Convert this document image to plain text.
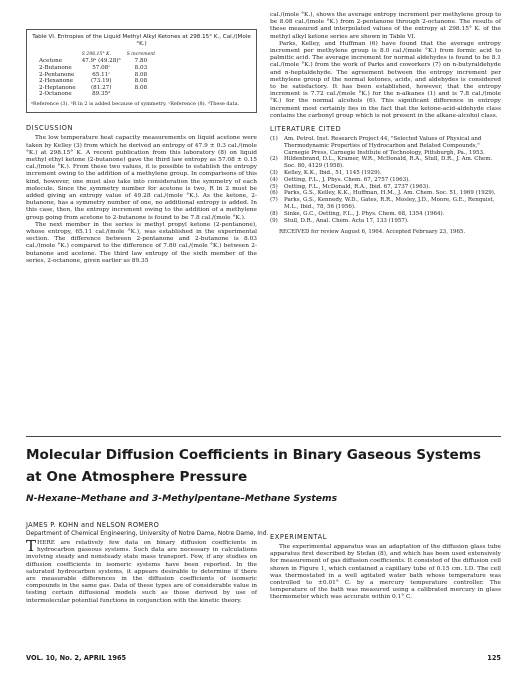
Table VI. Entropies of the Liquid Methyl Alkyl Ketones at 298.15° K., Cal./(Mole °K.)
	S 298.15° K.	S increment
Acetone	47.9ᵃ (49.28)ᵇ	7.80
2-Butanone	57.08ᶜ	8.03
2-Pentanone	65.11ᶜ	8.08
2-Hexanone	(73.19)	8.08
2-Heptanone	(81.27)	8.08
2-Octanone	89.35ᵈ	
ᵃReference (3). ᵇR ln 2 is added because of symmetry. ᶜReference (8). ᵈThese data.
DISCUSSION

The low temperature heat capacity measurements on liquid acetone were taken by Kelley (3) from which he derived an entropy of 47.9 ± 0.3 cal./(mole °K.) at 298.15° K. A recent publication from this laboratory (8) on liquid methyl ethyl ketone (2-butanone) gave the third law entropy as 57.08 ± 0.15 cal./(mole °K.). From these two values, it is possible to establish the entropy increment owing to the addition of a methylene group. In comparisons of this kind, however, one must also take into consideration the symmetry of each molecule. Since the symmetry number for acetone is two, R ln 2 must be added giving an entropy value of 49.28 cal./(mole °K.). As the ketone, 2-butanone, has a symmetry number of one, no additional entropy is added. In this case, then, the entropy increment owing to the addition of a methylene group going from acetone to 2-butanone is found to be 7.8 cal./(mole °K.).

The next member in the series is methyl propyl ketone (2-pentanone), whose entropy, 65.11 cal./(mole °K.), was established in the experimental section. The difference between 2-pentanone and 2-butanone is 8.03 cal./(mole °K.) compared to the difference of 7.80 cal./(mole °K.) between 2-butanone and acetone. The third law entropy of the sixth member of the series, 2-octanone, given earlier as 89.35

cal./(mole °K.), shows the average entropy increment per methylene group to be 8.08 cal./(mole °K.) from 2-pentanone through 2-octanone. The results of these measured and interpolated values of the entropy at 298.15° K. of the methyl alkyl ketone series are shown in Table VI.

Parks, Kelley, and Huffman (6) have found that the average entropy increment per methylene group is 8.0 cal./(mole °K.) from formic acid to palmitic acid. The average increment for normal aldehydes is found to be 8.1 cal./(mole °K.) from the work of Parks and coworkers (7) on n-butyraldehyde and n-heptaldehyde. The agreement between the entropy increment per methylene group of the normal ketones, acids, and aldehydes is considered to be satisfactory. It has been established, however, that the entropy increment is 7.72 cal./(mole °K.) for the n-alkanes (1) and is 7.8 cal./(mole °K.) for the normal alcohols (6). This significant difference in entropy increment most certainly lies in the fact that the ketone-acid-aldehyde class contains the carbonyl group which is not present in the alkane-alcohol class.

LITERATURE CITED
(1)	Am. Petrol. Inst. Research Project 44, "Selected Values of Physical and Thermodynamic Properties of Hydrocarbon and Related Compounds," Carnegie Press, Carnegie Institute of Technology, Pittsburgh, Pa., 1953.
(2)	Hildenbrand, D.L., Kramer, W.R., McDonald, R.A., Stull, D.R., J. Am. Chem. Soc. 80, 4129 (1958).
(3)	Kelley, K.K., Ibid., 51, 1145 (1929).
(4)	Oetting, F.L., J. Phys. Chem. 67, 2757 (1963).
(5)	Oetting, F.L., McDonald, R.A., Ibid. 67, 2737 (1963).
(6)	Parks, G.S., Kelley, K.K., Huffman, H.M., J. Am. Chem. Soc. 51, 1969 (1929).
(7)	Parks, G.S., Kennedy, W.D., Gates, R.R., Mosley, J.D., Moore, G.E., Renquist, M.L., Ibid., 78, 56 (1956).
(8)	Sinke, G.C., Oetting, F.L., J. Phys. Chem. 68, 1354 (1964).
(9)	Stull, D.R., Anal. Chem. Acta 17, 133 (1957).
RECEIVED for review August 6, 1964. Accepted February 23, 1965.

Molecular Diffusion Coefficients in Binary Gaseous Systems
at One Atmosphere Pressure

N-Hexane–Methane and 3-Methylpentane–Methane Systems

JAMES P. KOHN and NELSON ROMERO

Department of Chemical Engineering, University of Notre Dame, Notre Dame, Ind.

THERE are relatively few data on binary diffusion coefficients in hydrocarbon gaseous systems. Such data are necessary in calculations involving steady and nonsteady state mass transport. Few, if any studies on diffusion coefficients in isomeric systems have been reported. In the saturated hydrocarbon systems, it appears desirable to determine if there are measurable differences in the diffusion coefficients of isomeric compounds in the same gas. Data of these types are of considerable value in testing certain diffusional models such as those derived by use of intermolecular potential functions in conjunction with the kinetic theory.

EXPERIMENTAL

The experimental apparatus was an adaptation of the diffusion glass tube apparatus first described by Stefan (8), and which has been used extensively for measurement of gas diffusion coefficients. It consisted of the diffusion cell shown in Figure 1, which contained a capillary tube of 0.15 cm. I.D. The cell was thermostated in a well agitated water bath whose temperature was controlled to ±0.01° C. by a mercury temperature controller. The temperature of the bath was measured using a calibrated mercury in glass thermometer which was accurate within 0.1° C.

VOL. 10, No. 2, APRIL 1965	125
